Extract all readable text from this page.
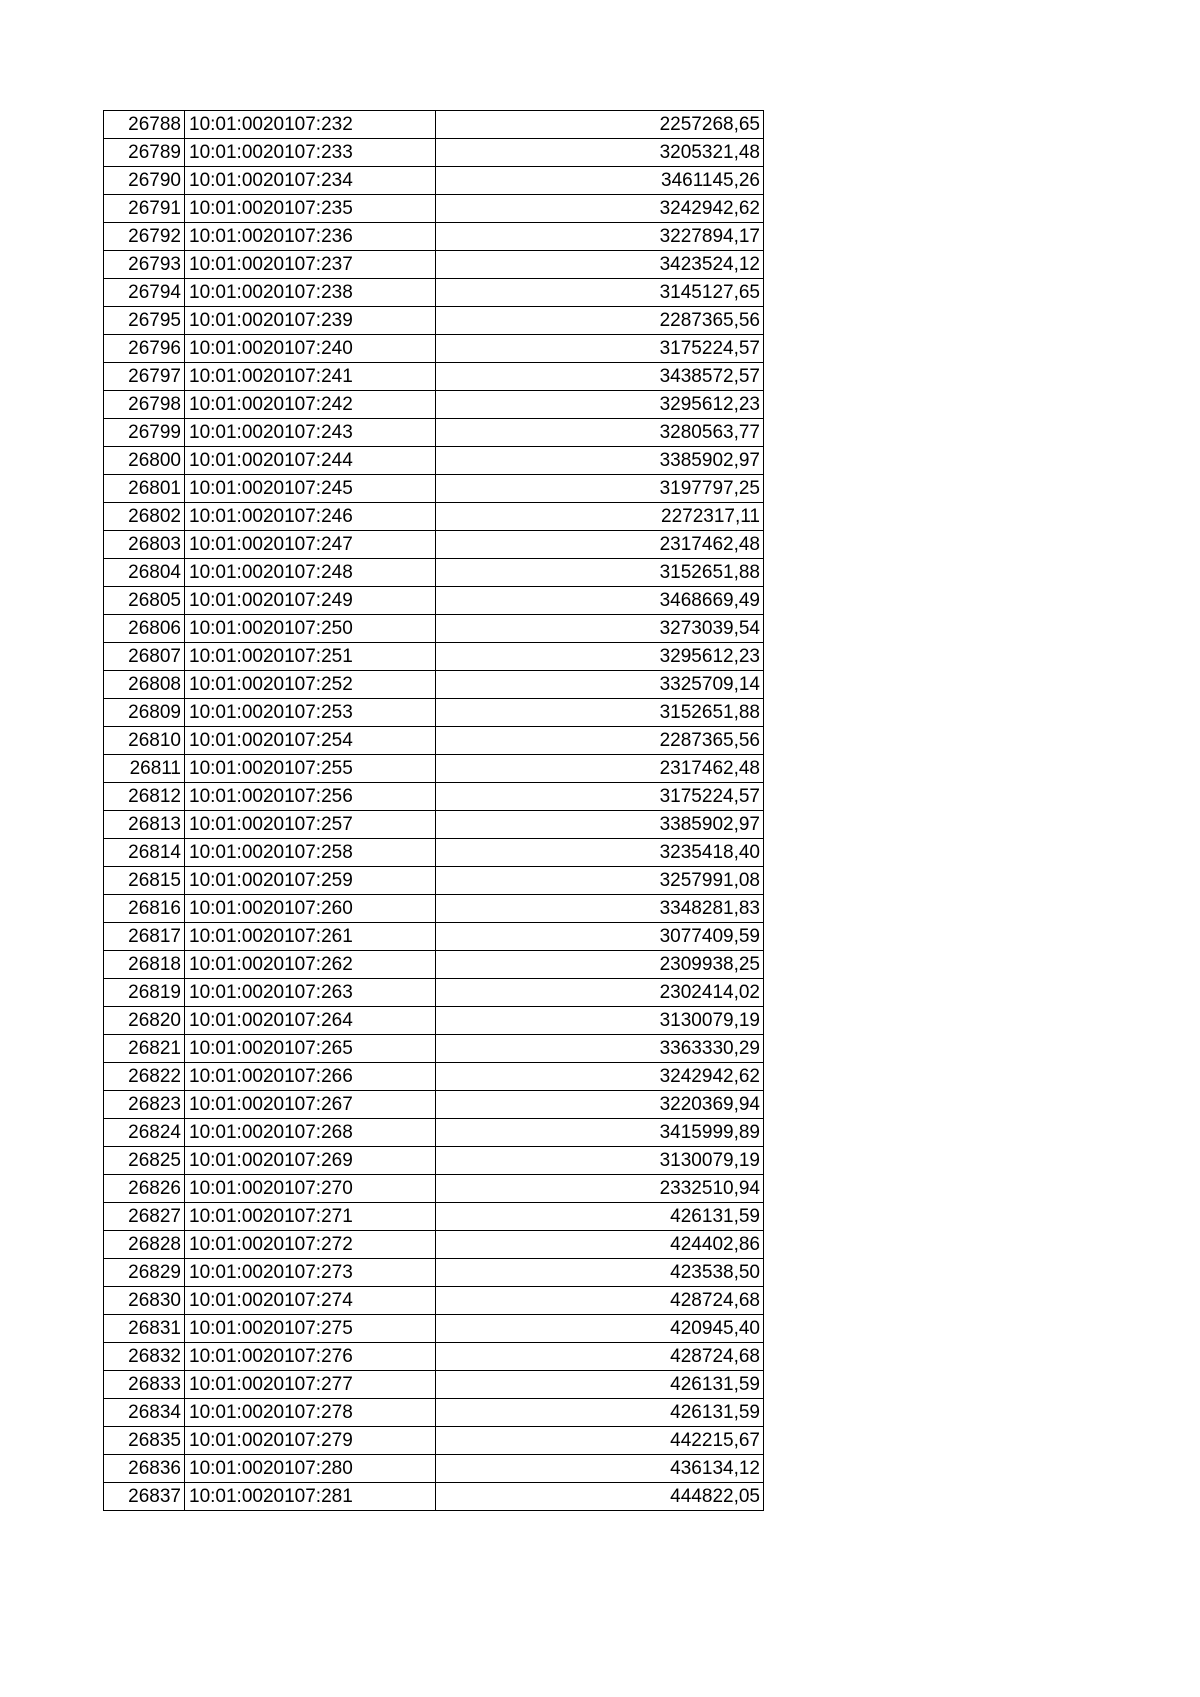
26788	10:01:0020107:232	2257268,65
26789	10:01:0020107:233	3205321,48
26790	10:01:0020107:234	3461145,26
26791	10:01:0020107:235	3242942,62
26792	10:01:0020107:236	3227894,17
26793	10:01:0020107:237	3423524,12
26794	10:01:0020107:238	3145127,65
26795	10:01:0020107:239	2287365,56
26796	10:01:0020107:240	3175224,57
26797	10:01:0020107:241	3438572,57
26798	10:01:0020107:242	3295612,23
26799	10:01:0020107:243	3280563,77
26800	10:01:0020107:244	3385902,97
26801	10:01:0020107:245	3197797,25
26802	10:01:0020107:246	2272317,11
26803	10:01:0020107:247	2317462,48
26804	10:01:0020107:248	3152651,88
26805	10:01:0020107:249	3468669,49
26806	10:01:0020107:250	3273039,54
26807	10:01:0020107:251	3295612,23
26808	10:01:0020107:252	3325709,14
26809	10:01:0020107:253	3152651,88
26810	10:01:0020107:254	2287365,56
26811	10:01:0020107:255	2317462,48
26812	10:01:0020107:256	3175224,57
26813	10:01:0020107:257	3385902,97
26814	10:01:0020107:258	3235418,40
26815	10:01:0020107:259	3257991,08
26816	10:01:0020107:260	3348281,83
26817	10:01:0020107:261	3077409,59
26818	10:01:0020107:262	2309938,25
26819	10:01:0020107:263	2302414,02
26820	10:01:0020107:264	3130079,19
26821	10:01:0020107:265	3363330,29
26822	10:01:0020107:266	3242942,62
26823	10:01:0020107:267	3220369,94
26824	10:01:0020107:268	3415999,89
26825	10:01:0020107:269	3130079,19
26826	10:01:0020107:270	2332510,94
26827	10:01:0020107:271	426131,59
26828	10:01:0020107:272	424402,86
26829	10:01:0020107:273	423538,50
26830	10:01:0020107:274	428724,68
26831	10:01:0020107:275	420945,40
26832	10:01:0020107:276	428724,68
26833	10:01:0020107:277	426131,59
26834	10:01:0020107:278	426131,59
26835	10:01:0020107:279	442215,67
26836	10:01:0020107:280	436134,12
26837	10:01:0020107:281	444822,05
